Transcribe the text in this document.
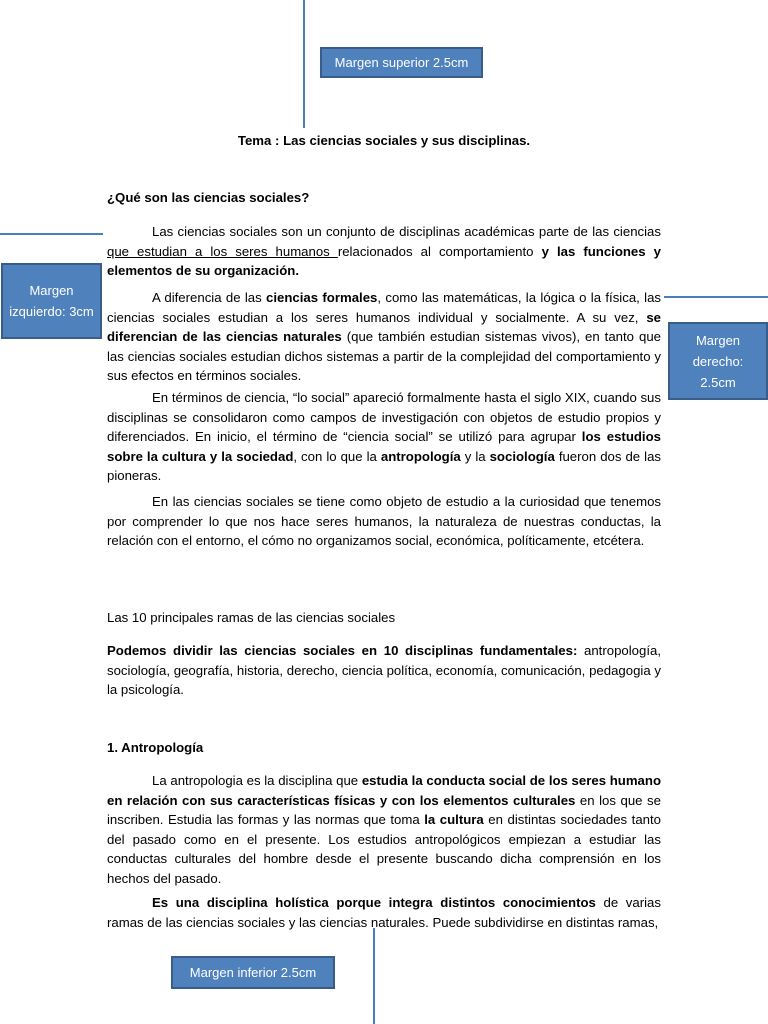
Margen superior 2.5cm
Margen izquierdo: 3cm
Margen derecho: 2.5cm
Margen inferior 2.5cm

Tema : Las ciencias sociales y sus disciplinas.

¿Qué son las ciencias sociales?

Las ciencias sociales son un conjunto de disciplinas académicas parte de las ciencias que estudian a los seres humanos relacionados al comportamiento y las funciones y elementos de su organización.

A diferencia de las ciencias formales, como las matemáticas, la lógica o la física, las ciencias sociales estudian a los seres humanos individual y socialmente. A su vez, se diferencian de las ciencias naturales (que también estudian sistemas vivos), en tanto que las ciencias sociales estudian dichos sistemas a partir de la complejidad del comportamiento y sus efectos en términos sociales.

En términos de ciencia, “lo social” apareció formalmente hasta el siglo XIX, cuando sus disciplinas se consolidaron como campos de investigación con objetos de estudio propios y diferenciados. En inicio, el término de “ciencia social” se utilizó para agrupar los estudios sobre la cultura y la sociedad, con lo que la antropología y la sociología fueron dos de las pioneras.

En las ciencias sociales se tiene como objeto de estudio a la curiosidad que tenemos por comprender lo que nos hace seres humanos, la naturaleza de nuestras conductas, la relación con el entorno, el cómo no organizamos social, económica, políticamente, etcétera.

Las 10 principales ramas de las ciencias sociales

Podemos dividir las ciencias sociales en 10 disciplinas fundamentales: antropología, sociología, geografía, historia, derecho, ciencia política, economía, comunicación, pedagogia y la psicología.

1. Antropología

La antropologia es la disciplina que estudia la conducta social de los seres humano en relación con sus características físicas y con los elementos culturales en los que se inscriben. Estudia las formas y las normas que toma la cultura en distintas sociedades tanto del pasado como en el presente. Los estudios antropológicos empiezan a estudiar las conductas culturales del hombre desde el presente buscando dicha comprensión en los hechos del pasado.

Es una disciplina holística porque integra distintos conocimientos de varias ramas de las ciencias sociales y las ciencias naturales. Puede subdividirse en distintas ramas,
